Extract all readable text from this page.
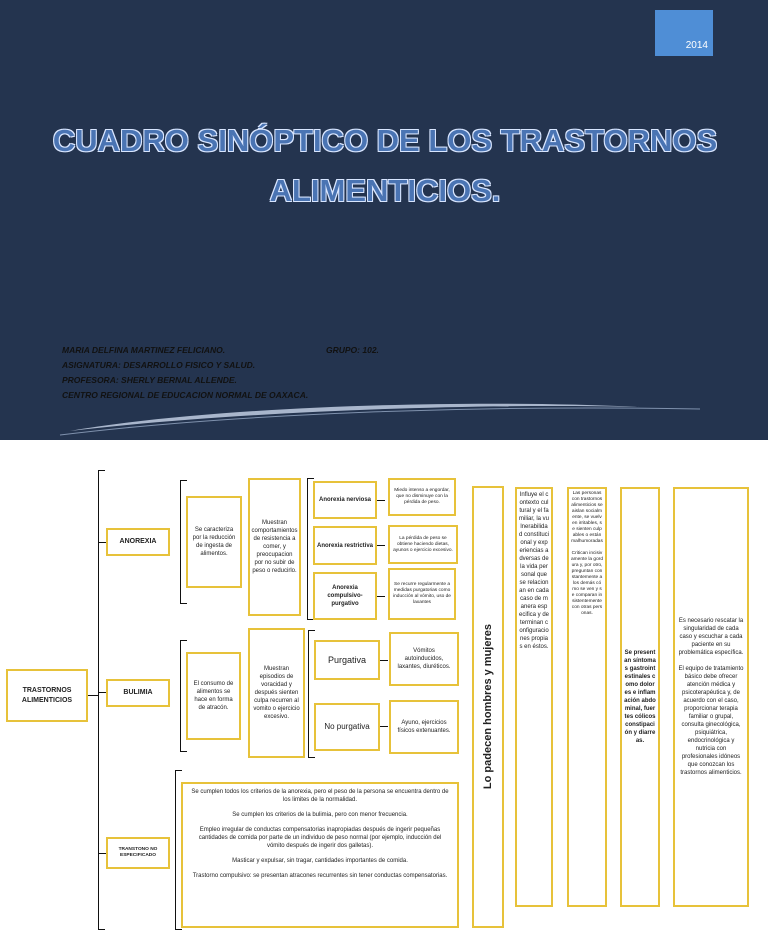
2014
CUADRO SINÓPTICO DE LOS TRASTORNOS ALIMENTICIOS.
MARIA DELFINA MARTINEZ FELICIANO.
ASIGNATURA: DESARROLLO FISICO Y SALUD.
PROFESORA: SHERLY BERNAL ALLENDE.
CENTRO REGIONAL DE EDUCACION NORMAL DE OAXACA.
GRUPO: 102.
TRASTORNOS ALIMENTICIOS
ANOREXIA
Se caracteriza por la reducción de ingesta de alimentos.
Muestran comportamientos de resistencia a comer, y preocupacion por no subir de peso o reducirlo.
Anorexia nerviosa
Anorexia restrictiva
Anorexia compulsivo-purgativo
Miedo intenso a engordar, que no disminuye con la pérdida de peso.
La pérdida de peso se obtiene haciendo dietas, ayunos o ejercicio excesivo.
Se recurre regularmente a medidas purgatorias como inducción al vómito, uso de laxantes
BULIMIA
El consumo de alimentos se hace en forma de atracón.
Muestran episodios de voracidad y después sienten culpa recurren al vomito o ejercicio excesivo.
Purgativa
No purgativa
Vómitos autoinducidos, laxantes, diuréticos.
Ayuno, ejercicios físicos extenuantes.
TRANSTONO NO ESPECIFICADO
Se cumplen todos los criterios de la anorexia, pero el peso de la persona se encuentra dentro de los limites de la normalidad.
Se cumplen los criterios de la bulimia, pero con menor frecuencia.
Empleo irregular de conductas compensatorias inapropiadas después de ingerir pequeñas cantidades de comida por parte de un individuo de peso normal (por ejemplo, inducción del vómito después de ingerir dos galletas).
Masticar y expulsar, sin tragar, cantidades importantes de comida.
Trastorno compulsivo: se presentan atracones recurrentes sin tener conductas compensatorias.
Lo padecen hombres y mujeres
Influye el contexto cultural y el familiar, la vulnerabilidad constitucional y experiencias adversas de la vida personal que se relacionan en cada caso de manera especifica y determinan configuraciones propias en éstos.
Las personas con trastornos alimenticios se aislan socialmente, se vuelven irritables, se sienten culpables o están malhumoradas

Critican incisivamente la gordura y, por otro, preguntan constantemente a los demás cómo se ven y se comparan insistentemente con otras personas.
Se presentan síntomas gastrointestinales como dolores e inflamación abdominal, fuertes cólicos constipación y diarreas.
Es necesario rescatar la singularidad de cada caso y escuchar a cada paciente en su problemática específica.

El equipo de tratamiento básico debe ofrecer atención médica y psicoterapéutica y, de acuerdo con el caso, proporcionar terapia familiar o grupal, consulta ginecológica, psiquiátrica, endocrinológica y nutricia con profesionales idóneos que conozcan los trastornos alimenticios.
